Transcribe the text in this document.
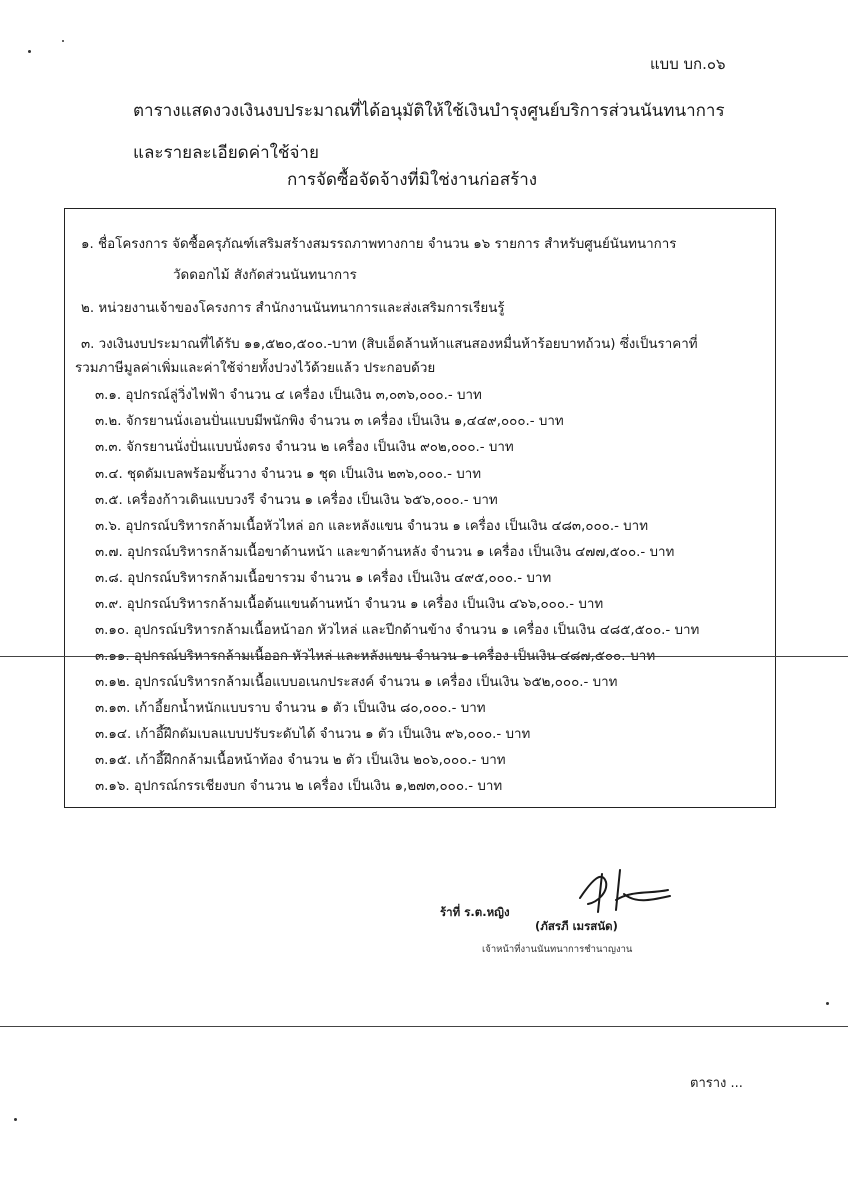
แบบ บก.๐๖
ตารางแสดงวงเงินงบประมาณที่ได้อนุมัติให้ใช้เงินบำรุงศูนย์บริการส่วนนันทนาการ
และรายละเอียดค่าใช้จ่าย
การจัดซื้อจัดจ้างที่มิใช่งานก่อสร้าง
๑. ชื่อโครงการ จัดซื้อครุภัณฑ์เสริมสร้างสมรรถภาพทางกาย จำนวน ๑๖ รายการ สำหรับศูนย์นันทนาการ
วัดดอกไม้ สังกัดส่วนนันทนาการ
๒. หน่วยงานเจ้าของโครงการ สำนักงานนันทนาการและส่งเสริมการเรียนรู้
๓. วงเงินงบประมาณที่ได้รับ ๑๑,๕๒๐,๕๐๐.-บาท (สิบเอ็ดล้านห้าแสนสองหมื่นห้าร้อยบาทถ้วน) ซึ่งเป็นราคาที่
รวมภาษีมูลค่าเพิ่มและค่าใช้จ่ายทั้งปวงไว้ด้วยแล้ว ประกอบด้วย
๓.๑. อุปกรณ์ลู่วิ่งไฟฟ้า จำนวน ๔ เครื่อง เป็นเงิน ๓,๐๓๖,๐๐๐.- บาท
๓.๒. จักรยานนั่งเอนปั่นแบบมีพนักพิง จำนวน ๓ เครื่อง เป็นเงิน ๑,๔๔๙,๐๐๐.- บาท
๓.๓. จักรยานนั่งปั่นแบบนั่งตรง จำนวน ๒ เครื่อง เป็นเงิน ๙๐๒,๐๐๐.- บาท
๓.๔. ชุดดัมเบลพร้อมชั้นวาง จำนวน ๑ ชุด เป็นเงิน ๒๓๖,๐๐๐.- บาท
๓.๕. เครื่องก้าวเดินแบบวงรี จำนวน ๑ เครื่อง เป็นเงิน ๖๕๖,๐๐๐.- บาท
๓.๖. อุปกรณ์บริหารกล้ามเนื้อหัวไหล่ อก และหลังแขน จำนวน ๑ เครื่อง เป็นเงิน ๔๘๓,๐๐๐.- บาท
๓.๗. อุปกรณ์บริหารกล้ามเนื้อขาด้านหน้า และขาด้านหลัง จำนวน ๑ เครื่อง เป็นเงิน ๔๗๗,๕๐๐.- บาท
๓.๘. อุปกรณ์บริหารกล้ามเนื้อขารวม จำนวน ๑ เครื่อง เป็นเงิน ๔๙๕,๐๐๐.- บาท
๓.๙. อุปกรณ์บริหารกล้ามเนื้อต้นแขนด้านหน้า จำนวน ๑ เครื่อง เป็นเงิน ๔๖๖,๐๐๐.- บาท
๓.๑๐. อุปกรณ์บริหารกล้ามเนื้อหน้าอก หัวไหล่ และปีกด้านข้าง จำนวน ๑ เครื่อง เป็นเงิน ๔๘๕,๕๐๐.- บาท
๓.๑๑. อุปกรณ์บริหารกล้ามเนื้ออก หัวไหล่ และหลังแขน จำนวน ๑ เครื่อง เป็นเงิน ๔๘๗,๕๐๐.-บาท
๓.๑๒. อุปกรณ์บริหารกล้ามเนื้อแบบอเนกประสงค์ จำนวน ๑ เครื่อง เป็นเงิน ๖๕๒,๐๐๐.- บาท
๓.๑๓. เก้าอี้ยกน้ำหนักแบบราบ จำนวน ๑ ตัว เป็นเงิน ๘๐,๐๐๐.- บาท
๓.๑๔. เก้าอี้ฝึกดัมเบลแบบปรับระดับได้ จำนวน ๑ ตัว เป็นเงิน ๙๖,๐๐๐.- บาท
๓.๑๕. เก้าอี้ฝึกกล้ามเนื้อหน้าท้อง จำนวน ๒ ตัว เป็นเงิน ๒๐๖,๐๐๐.- บาท
๓.๑๖. อุปกรณ์กรรเชียงบก จำนวน ๒ เครื่อง เป็นเงิน ๑,๒๗๓,๐๐๐.- บาท
ร้าที่ ร.ต.หญิง
(ภัสรภี เมรสนัด)
เจ้าหน้าที่งานนันทนาการชำนาญงาน
ตาราง ...
